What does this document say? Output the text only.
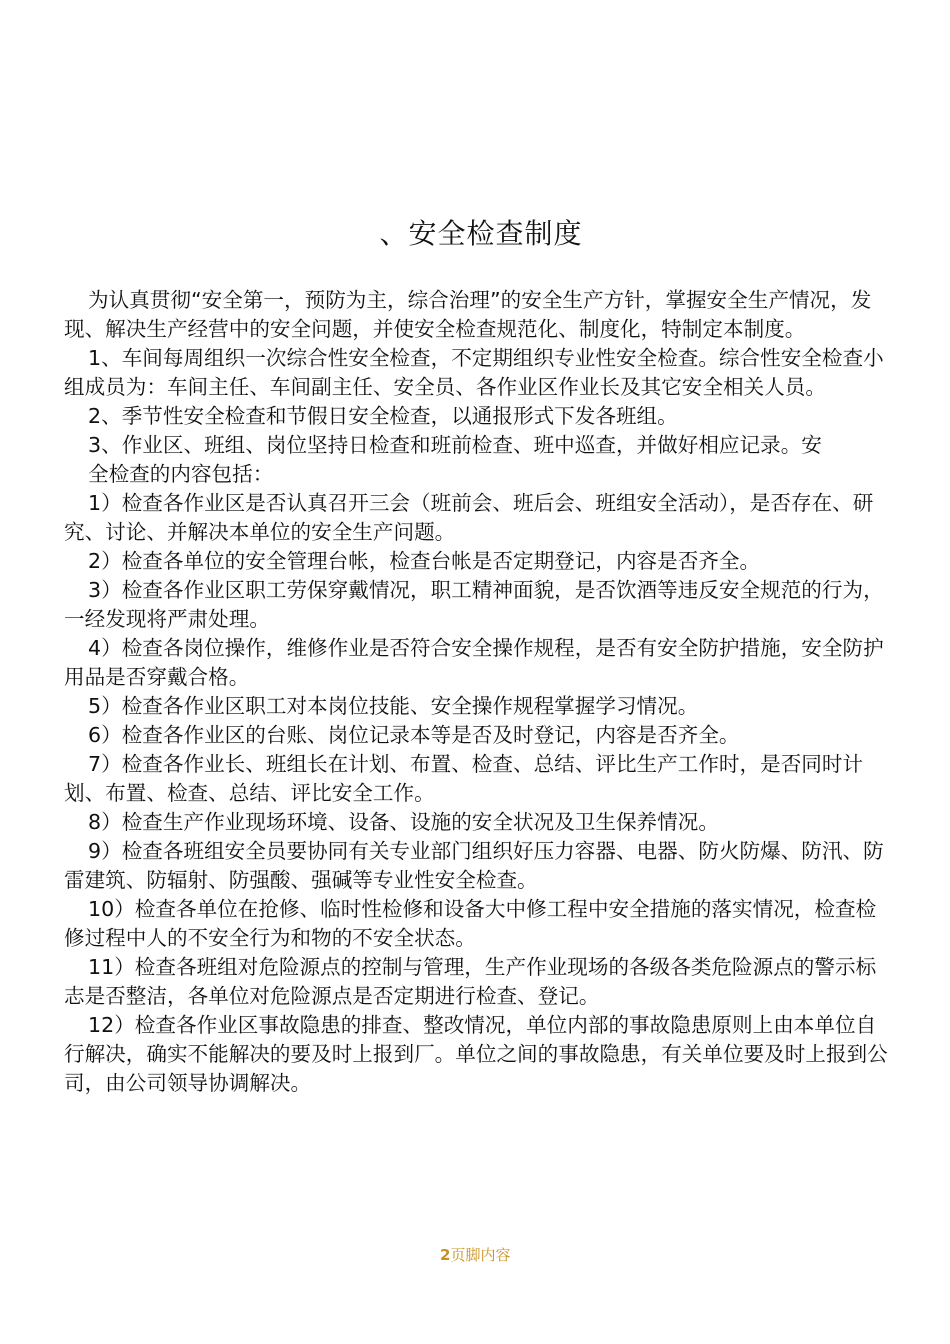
、安全检查制度

为认真贯彻“安全第一，预防为主，综合治理”的安全生产方针，掌握安全生产情况，发现、解决生产经营中的安全问题，并使安全检查规范化、制度化，特制定本制度。

1、车间每周组织一次综合性安全检查，不定期组织专业性安全检查。综合性安全检查小组成员为：车间主任、车间副主任、安全员、各作业区作业长及其它安全相关人员。

2、季节性安全检查和节假日安全检查，以通报形式下发各班组。

3、作业区、班组、岗位坚持日检查和班前检查、班中巡查，并做好相应记录。安

全检查的内容包括：

1）检查各作业区是否认真召开三会（班前会、班后会、班组安全活动），是否存在、研究、讨论、并解决本单位的安全生产问题。

2）检查各单位的安全管理台帐，检查台帐是否定期登记，内容是否齐全。

3）检查各作业区职工劳保穿戴情况，职工精神面貌，是否饮酒等违反安全规范的行为，一经发现将严肃处理。

4）检查各岗位操作，维修作业是否符合安全操作规程，是否有安全防护措施，安全防护用品是否穿戴合格。

5）检查各作业区职工对本岗位技能、安全操作规程掌握学习情况。

6）检查各作业区的台账、岗位记录本等是否及时登记，内容是否齐全。

7）检查各作业长、班组长在计划、布置、检查、总结、评比生产工作时，是否同时计划、布置、检查、总结、评比安全工作。

8）检查生产作业现场环境、设备、设施的安全状况及卫生保养情况。

9）检查各班组安全员要协同有关专业部门组织好压力容器、电器、防火防爆、防汛、防雷建筑、防辐射、防强酸、强碱等专业性安全检查。

10）检查各单位在抢修、临时性检修和设备大中修工程中安全措施的落实情况，检查检修过程中人的不安全行为和物的不安全状态。

11）检查各班组对危险源点的控制与管理，生产作业现场的各级各类危险源点的警示标志是否整洁，各单位对危险源点是否定期进行检查、登记。

12）检查各作业区事故隐患的排查、整改情况，单位内部的事故隐患原则上由本单位自行解决，确实不能解决的要及时上报到厂。单位之间的事故隐患，有关单位要及时上报到公司，由公司领导协调解决。

2页脚内容
